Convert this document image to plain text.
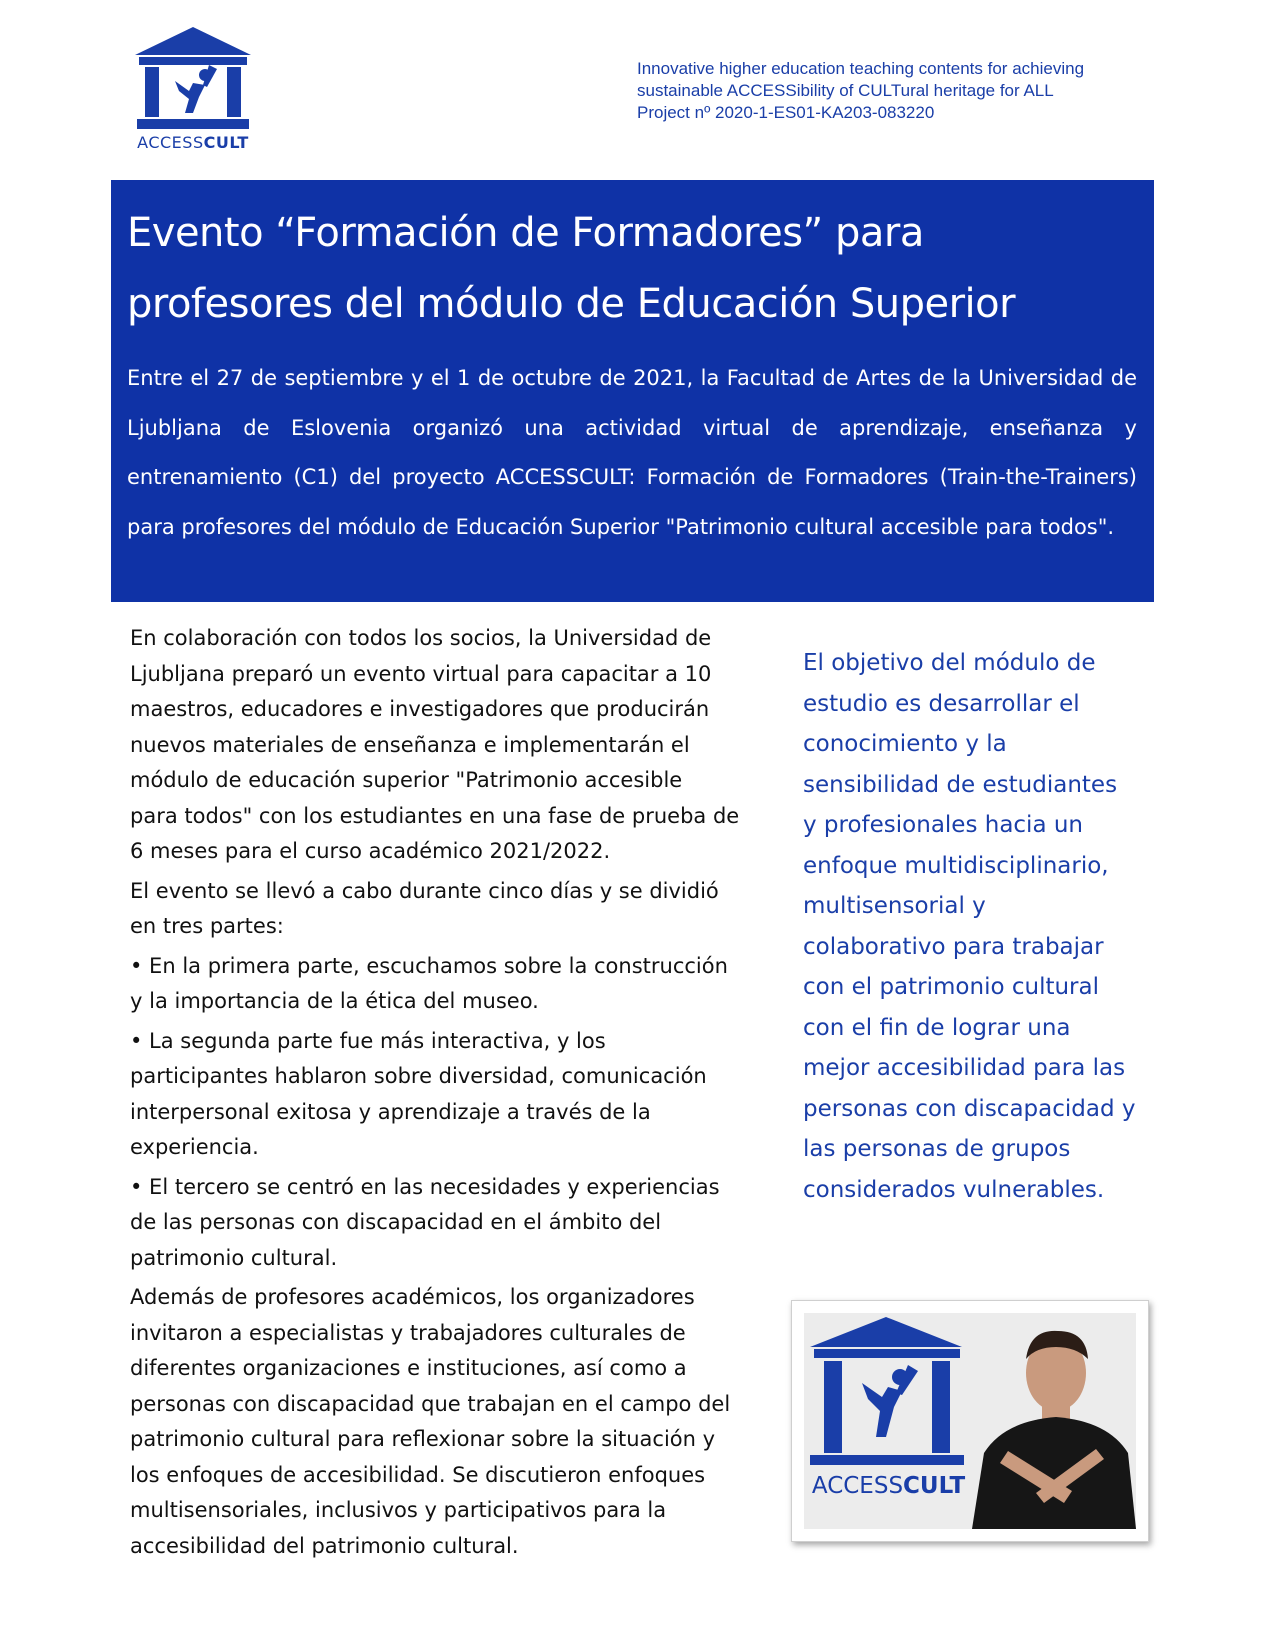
ACCESSCULT
Innovative higher education teaching contents for achieving
sustainable ACCESSibility of CULTural heritage for ALL
Project nº 2020-1-ES01-KA203-083220
Evento “Formación de Formadores” para
profesores del módulo de Educación Superior
Entre el 27 de septiembre y el 1 de octubre de 2021, la Facultad de Artes de la Universidad de Ljubljana de Eslovenia organizó una actividad virtual de aprendizaje, enseñanza y entrenamiento (C1) del proyecto ACCESSCULT: Formación de Formadores (Train-the-Trainers) para profesores del módulo de Educación Superior "Patrimonio cultural accesible para todos".

En colaboración con todos los socios, la Universidad de
Ljubljana preparó un evento virtual para capacitar a 10
maestros, educadores e investigadores que producirán
nuevos materiales de enseñanza e implementarán el
módulo de educación superior "Patrimonio accesible
para todos" con los estudiantes en una fase de prueba de
6 meses para el curso académico 2021/2022.

El evento se llevó a cabo durante cinco días y se dividió
en tres partes:

• En la primera parte, escuchamos sobre la construcción
y la importancia de la ética del museo.

• La segunda parte fue más interactiva, y los
participantes hablaron sobre diversidad, comunicación
interpersonal exitosa y aprendizaje a través de la
experiencia.

• El tercero se centró en las necesidades y experiencias
de las personas con discapacidad en el ámbito del
patrimonio cultural.

Además de profesores académicos, los organizadores
invitaron a especialistas y trabajadores culturales de
diferentes organizaciones e instituciones, así como a
personas con discapacidad que trabajan en el campo del
patrimonio cultural para reflexionar sobre la situación y
los enfoques de accesibilidad. Se discutieron enfoques
multisensoriales, inclusivos y participativos para la
accesibilidad del patrimonio cultural.

El objetivo del módulo de
estudio es desarrollar el
conocimiento y la
sensibilidad de estudiantes
y profesionales hacia un
enfoque multidisciplinario,
multisensorial y
colaborativo para trabajar
con el patrimonio cultural
con el fin de lograr una
mejor accesibilidad para las
personas con discapacidad y
las personas de grupos
considerados vulnerables.
ACCESSCULT
